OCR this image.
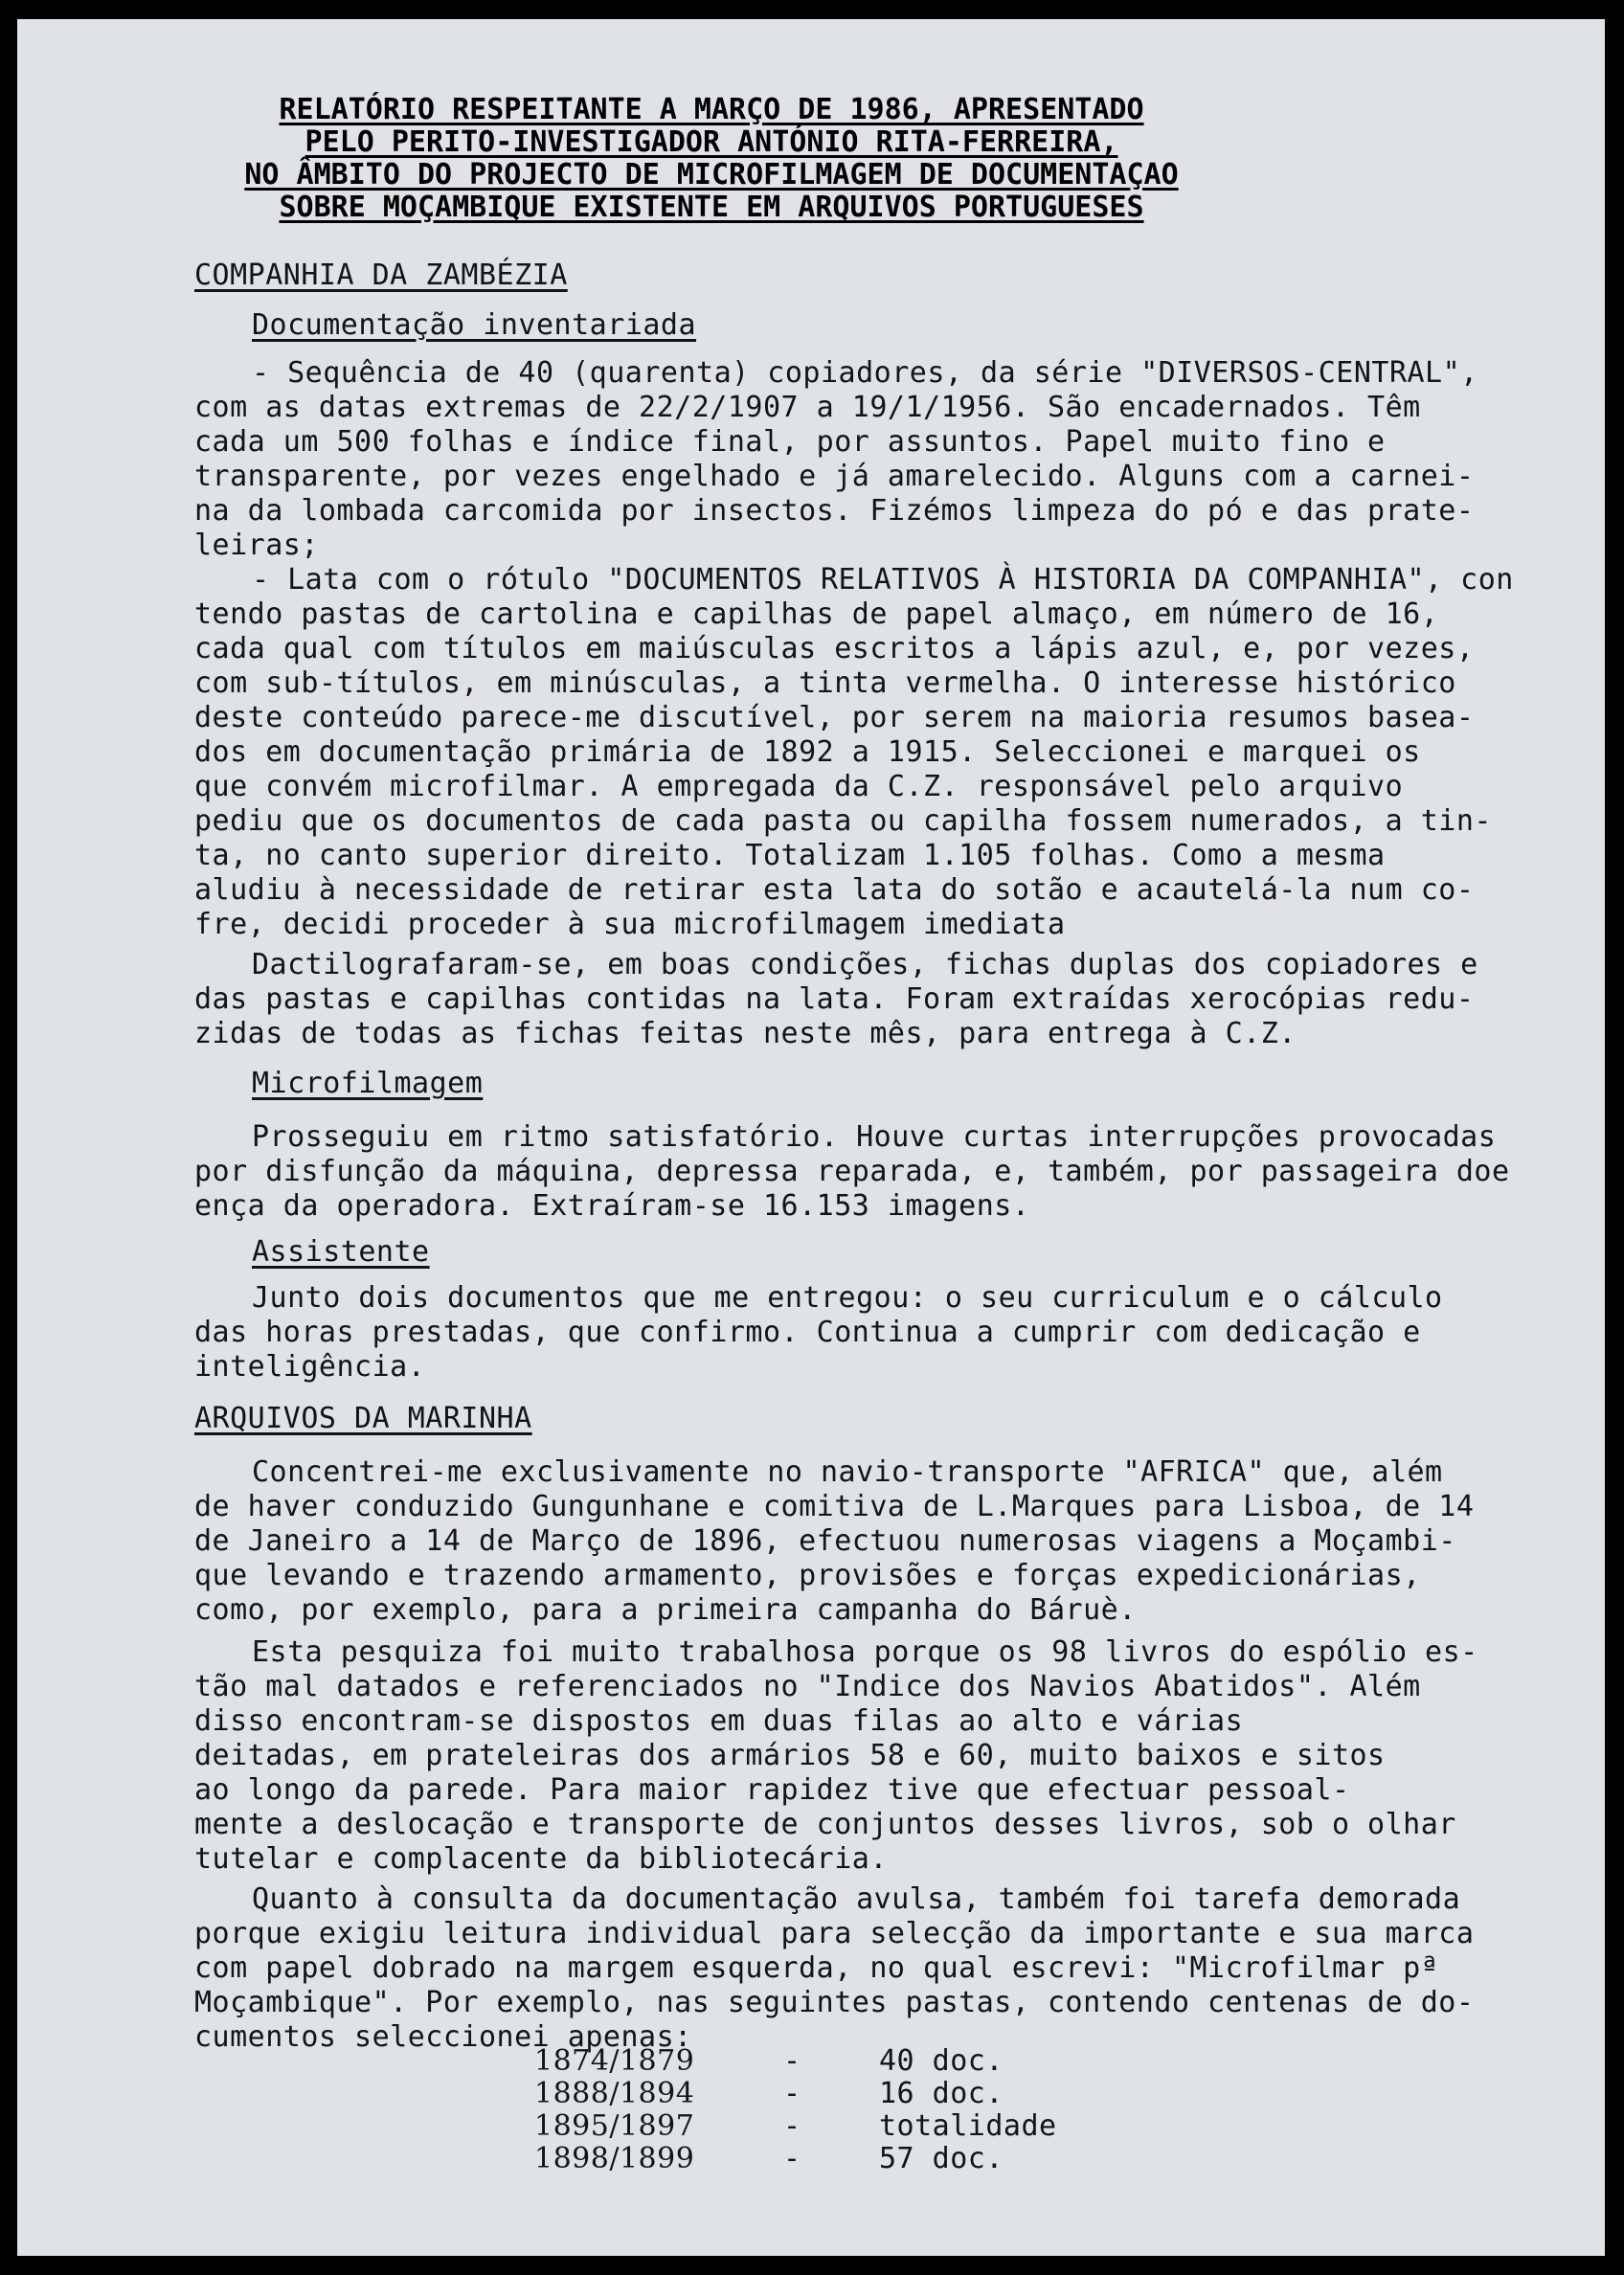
RELATÓRIO RESPEITANTE A MARÇO DE 1986, APRESENTADO
PELO PERITO-INVESTIGADOR ANTÓNIO RITA-FERREIRA,
NO ÂMBITO DO PROJECTO DE MICROFILMAGEM DE DOCUMENTAÇAO
SOBRE MOÇAMBIQUE EXISTENTE EM ARQUIVOS PORTUGUESES
COMPANHIA DA ZAMBÉZIA
Documentação inventariada
- Sequência de 40 (quarenta) copiadores, da série "DIVERSOS-CENTRAL",
com as datas extremas de 22/2/1907 a 19/1/1956. São encadernados. Têm
cada um 500 folhas e índice final, por assuntos. Papel muito fino e
transparente, por vezes engelhado e já amarelecido. Alguns com a carnei-
na da lombada carcomida por insectos. Fizémos limpeza do pó e das prate-
leiras;
- Lata com o rótulo "DOCUMENTOS RELATIVOS À HISTORIA DA COMPANHIA", con
tendo pastas de cartolina e capilhas de papel almaço, em número de 16,
cada qual com títulos em maiúsculas escritos a lápis azul, e, por vezes,
com sub-títulos, em minúsculas, a tinta vermelha. O interesse histórico
deste conteúdo parece-me discutível, por serem na maioria resumos basea-
dos em documentação primária de 1892 a 1915. Seleccionei e marquei os
que convém microfilmar. A empregada da C.Z. responsável pelo arquivo
pediu que os documentos de cada pasta ou capilha fossem numerados, a tin-
ta, no canto superior direito. Totalizam 1.105 folhas. Como a mesma
aludiu à necessidade de retirar esta lata do sotão e acautelá-la num co-
fre, decidi proceder à sua microfilmagem imediata
Dactilografaram-se, em boas condições, fichas duplas dos copiadores e
das pastas e capilhas contidas na lata. Foram extraídas xerocópias redu-
zidas de todas as fichas feitas neste mês, para entrega à C.Z.
Microfilmagem
Prosseguiu em ritmo satisfatório. Houve curtas interrupções provocadas
por disfunção da máquina, depressa reparada, e, também, por passageira doe
ença da operadora. Extraíram-se 16.153 imagens.
Assistente
Junto dois documentos que me entregou: o seu curriculum e o cálculo
das horas prestadas, que confirmo. Continua a cumprir com dedicação e
inteligência.
ARQUIVOS DA MARINHA
Concentrei-me exclusivamente no navio-transporte "AFRICA" que, além
de haver conduzido Gungunhane e comitiva de L.Marques para Lisboa, de 14
de Janeiro a 14 de Março de 1896, efectuou numerosas viagens a Moçambi-
que levando e trazendo armamento, provisões e forças expedicionárias,
como, por exemplo, para a primeira campanha do Báruè.
Esta pesquiza foi muito trabalhosa porque os 98 livros do espólio es-
tão mal datados e referenciados no "Indice dos Navios Abatidos". Além
disso encontram-se dispostos em duas filas ao alto e várias
deitadas, em prateleiras dos armários 58 e 60, muito baixos e sitos
ao longo da parede. Para maior rapidez tive que efectuar pessoal-
mente a deslocação e transporte de conjuntos desses livros, sob o olhar
tutelar e complacente da bibliotecária.
Quanto à consulta da documentação avulsa, também foi tarefa demorada
porque exigiu leitura individual para selecção da importante e sua marca
com papel dobrado na margem esquerda, no qual escrevi: "Microfilmar pª
Moçambique". Por exemplo, nas seguintes pastas, contendo centenas de do-
cumentos seleccionei apenas:
1874/1879	-	40 doc.
1888/1894	-	16 doc.
1895/1897	-	totalidade
1898/1899	-	57 doc.
